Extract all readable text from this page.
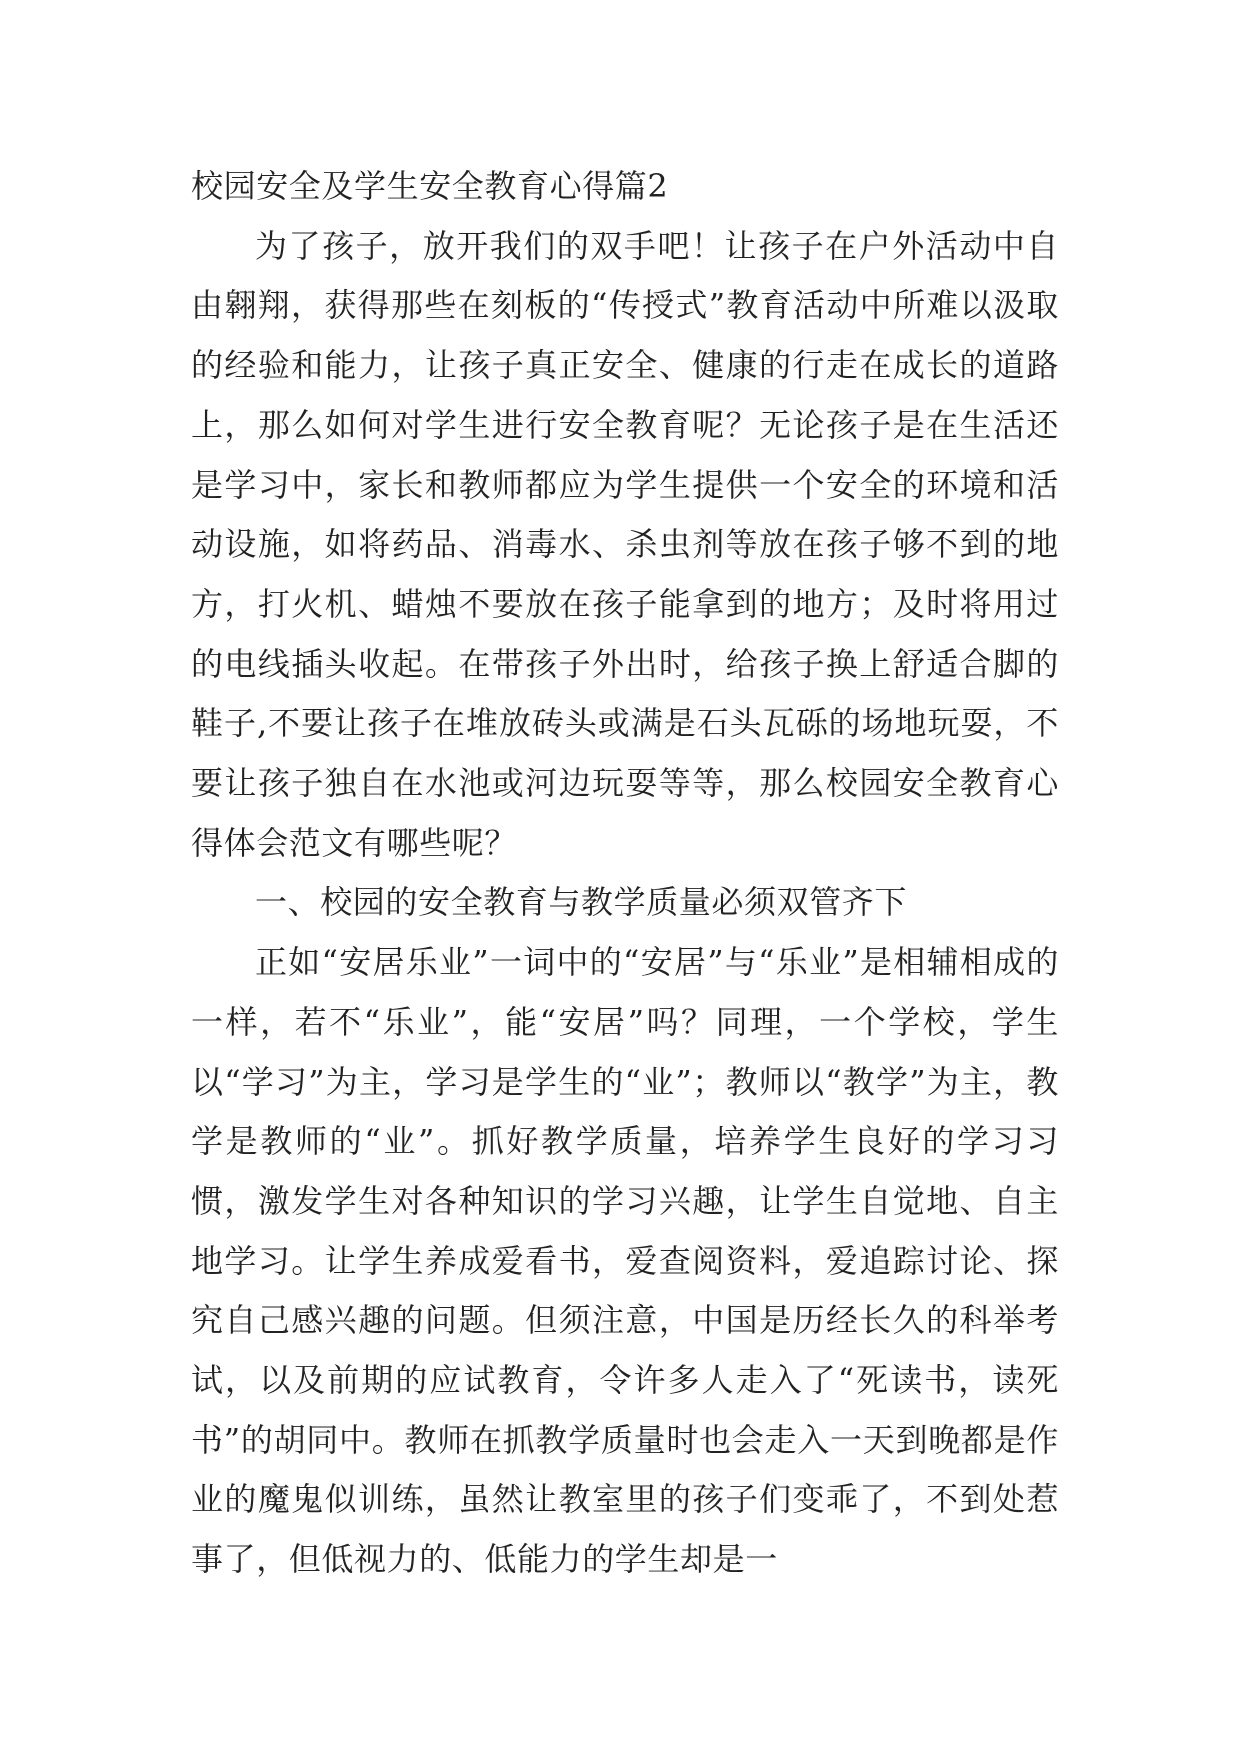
校园安全及学生安全教育心得篇2

为了孩子，放开我们的双手吧！让孩子在户外活动中自由翱翔，获得那些在刻板的“传授式”教育活动中所难以汲取的经验和能力，让孩子真正安全、健康的行走在成长的道路上，那么如何对学生进行安全教育呢？无论孩子是在生活还是学习中，家长和教师都应为学生提供一个安全的环境和活动设施，如将药品、消毒水、杀虫剂等放在孩子够不到的地方，打火机、蜡烛不要放在孩子能拿到的地方；及时将用过的电线插头收起。在带孩子外出时，给孩子换上舒适合脚的鞋子,不要让孩子在堆放砖头或满是石头瓦砾的场地玩耍，不要让孩子独自在水池或河边玩耍等等，那么校园安全教育心得体会范文有哪些呢？

一、校园的安全教育与教学质量必须双管齐下

正如“安居乐业”一词中的“安居”与“乐业”是相辅相成的一样，若不“乐业”，能“安居”吗？同理，一个学校，学生以“学习”为主，学习是学生的“业”；教师以“教学”为主，教学是教师的“业”。抓好教学质量，培养学生良好的学习习惯，激发学生对各种知识的学习兴趣，让学生自觉地、自主地学习。让学生养成爱看书，爱查阅资料，爱追踪讨论、探究自己感兴趣的问题。但须注意，中国是历经长久的科举考试，以及前期的应试教育，令许多人走入了“死读书，读死书”的胡同中。教师在抓教学质量时也会走入一天到晚都是作业的魔鬼似训练，虽然让教室里的孩子们变乖了，不到处惹事了，但低视力的、低能力的学生却是一
